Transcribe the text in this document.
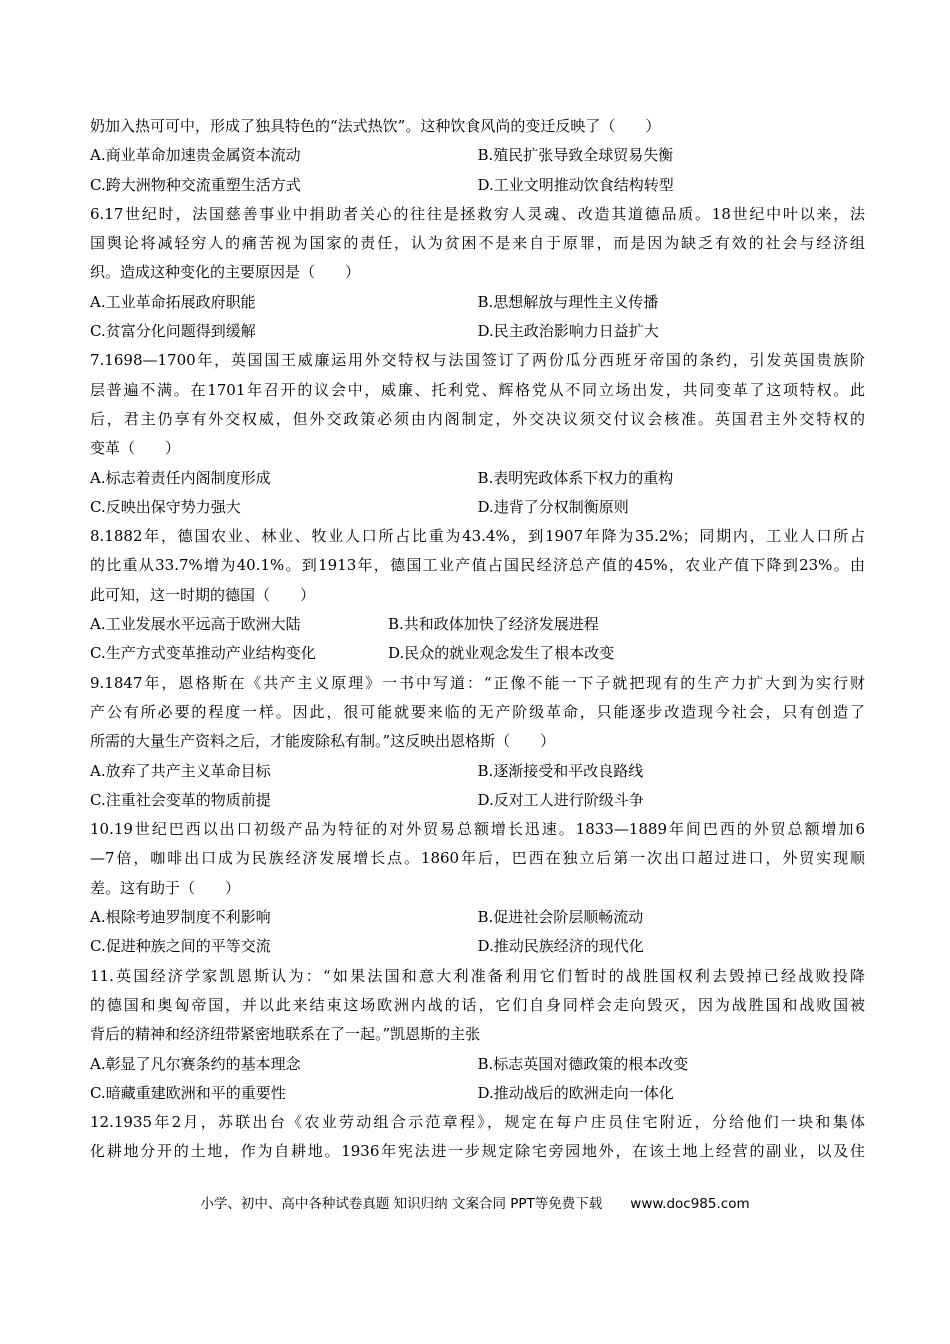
奶加入热可可中，形成了独具特色的“法式热饮”。这种饮食风尚的变迁反映了（　　）
A.商业革命加速贵金属资本流动	B.殖民扩张导致全球贸易失衡
C.跨大洲物种交流重塑生活方式	D.工业文明推动饮食结构转型
6.17世纪时，法国慈善事业中捐助者关心的往往是拯救穷人灵魂、改造其道德品质。18世纪中叶以来，法
国舆论将减轻穷人的痛苦视为国家的责任，认为贫困不是来自于原罪，而是因为缺乏有效的社会与经济组
织。造成这种变化的主要原因是（　　）
A.工业革命拓展政府职能	B.思想解放与理性主义传播
C.贫富分化问题得到缓解	D.民主政治影响力日益扩大
7.1698—1700年，英国国王威廉运用外交特权与法国签订了两份瓜分西班牙帝国的条约，引发英国贵族阶
层普遍不满。在1701年召开的议会中，威廉、托利党、辉格党从不同立场出发，共同变革了这项特权。此
后，君主仍享有外交权威，但外交政策必须由内阁制定，外交决议须交付议会核准。英国君主外交特权的
变革（　　）
A.标志着责任内阁制度形成	B.表明宪政体系下权力的重构
C.反映出保守势力强大	D.违背了分权制衡原则
8.1882年，德国农业、林业、牧业人口所占比重为43.4%，到1907年降为35.2%；同期内，工业人口所占
的比重从33.7%增为40.1%。到1913年，德国工业产值占国民经济总产值的45%，农业产值下降到23%。由
此可知，这一时期的德国（　　）
A.工业发展水平远高于欧洲大陆	B.共和政体加快了经济发展进程
C.生产方式变革推动产业结构变化	D.民众的就业观念发生了根本改变
9.1847年，恩格斯在《共产主义原理》一书中写道：“正像不能一下子就把现有的生产力扩大到为实行财
产公有所必要的程度一样。因此，很可能就要来临的无产阶级革命，只能逐步改造现今社会，只有创造了
所需的大量生产资料之后，才能废除私有制。”这反映出恩格斯（　　）
A.放弃了共产主义革命目标	B.逐渐接受和平改良路线
C.注重社会变革的物质前提	D.反对工人进行阶级斗争
10.19世纪巴西以出口初级产品为特征的对外贸易总额增长迅速。1833—1889年间巴西的外贸总额增加6
—7倍，咖啡出口成为民族经济发展增长点。1860年后，巴西在独立后第一次出口超过进口，外贸实现顺
差。这有助于（　　）
A.根除考迪罗制度不利影响	B.促进社会阶层顺畅流动
C.促进种族之间的平等交流	D.推动民族经济的现代化
11.英国经济学家凯恩斯认为：“如果法国和意大利准备利用它们暂时的战胜国权利去毁掉已经战败投降
的德国和奥匈帝国，并以此来结束这场欧洲内战的话，它们自身同样会走向毁灭，因为战胜国和战败国被
背后的精神和经济纽带紧密地联系在了一起。”凯恩斯的主张
A.彰显了凡尔赛条约的基本理念	B.标志英国对德政策的根本改变
C.暗藏重建欧洲和平的重要性	D.推动战后的欧洲走向一体化
12.1935年2月，苏联出台《农业劳动组合示范章程》，规定在每户庄员住宅附近，分给他们一块和集体
化耕地分开的土地，作为自耕地。1936年宪法进一步规定除宅旁园地外，在该土地上经营的副业，以及住
小学、初中、高中各种试卷真题 知识归纳 文案合同 PPT等免费下载 www.doc985.com
